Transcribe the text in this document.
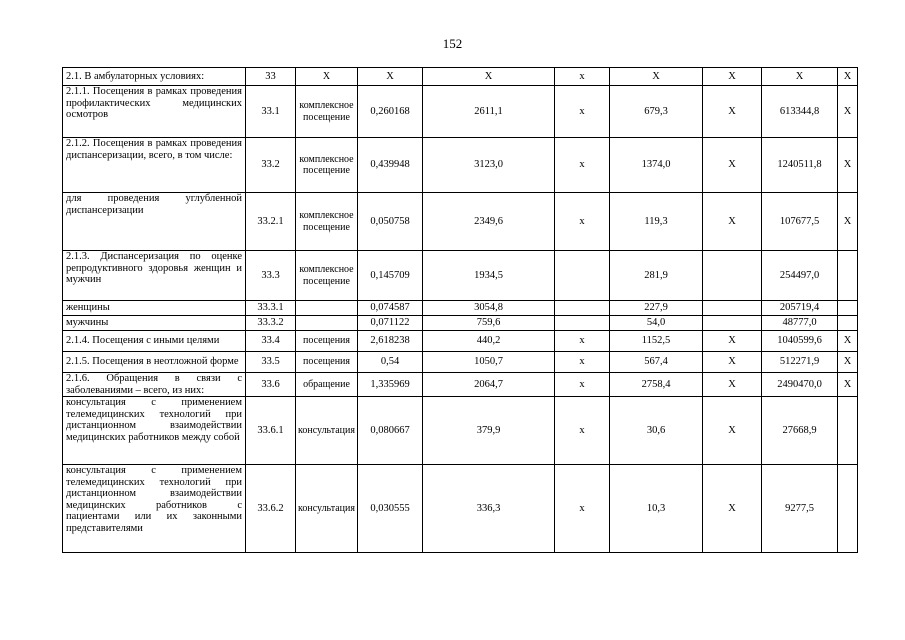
152
2.1. В амбулаторных условиях:	33	X	X	X	x	X	X	X	X
2.1.1. Посещения в рамках проведения профилактических медицинских осмотров	33.1	комплексное посещение	0,260168	2611,1	x	679,3	X	613344,8	X
2.1.2. Посещения в рамках проведения диспансеризации, всего, в том числе:	33.2	комплексное посещение	0,439948	3123,0	x	1374,0	X	1240511,8	X
для проведения углубленной диспансеризации	33.2.1	комплексное посещение	0,050758	2349,6	x	119,3	X	107677,5	X
2.1.3. Диспансеризация по оценке репродуктивного здоровья женщин и мужчин	33.3	комплексное посещение	0,145709	1934,5		281,9		254497,0	
женщины	33.3.1		0,074587	3054,8		227,9		205719,4	
мужчины	33.3.2		0,071122	759,6		54,0		48777,0	
2.1.4. Посещения с иными целями	33.4	посещения	2,618238	440,2	x	1152,5	X	1040599,6	X
2.1.5. Посещения в неотложной форме	33.5	посещения	0,54	1050,7	x	567,4	X	512271,9	X
2.1.6. Обращения в связи с заболеваниями – всего, из них:	33.6	обращение	1,335969	2064,7	x	2758,4	X	2490470,0	X
консультация с применением телемедицинских технологий при дистанционном взаимодействии медицинских работников между собой	33.6.1	консультация	0,080667	379,9	x	30,6	X	27668,9	
консультация с применением телемедицинских технологий при дистанционном взаимодействии медицинских работников с пациентами или их законными представителями	33.6.2	консультация	0,030555	336,3	x	10,3	X	9277,5	
